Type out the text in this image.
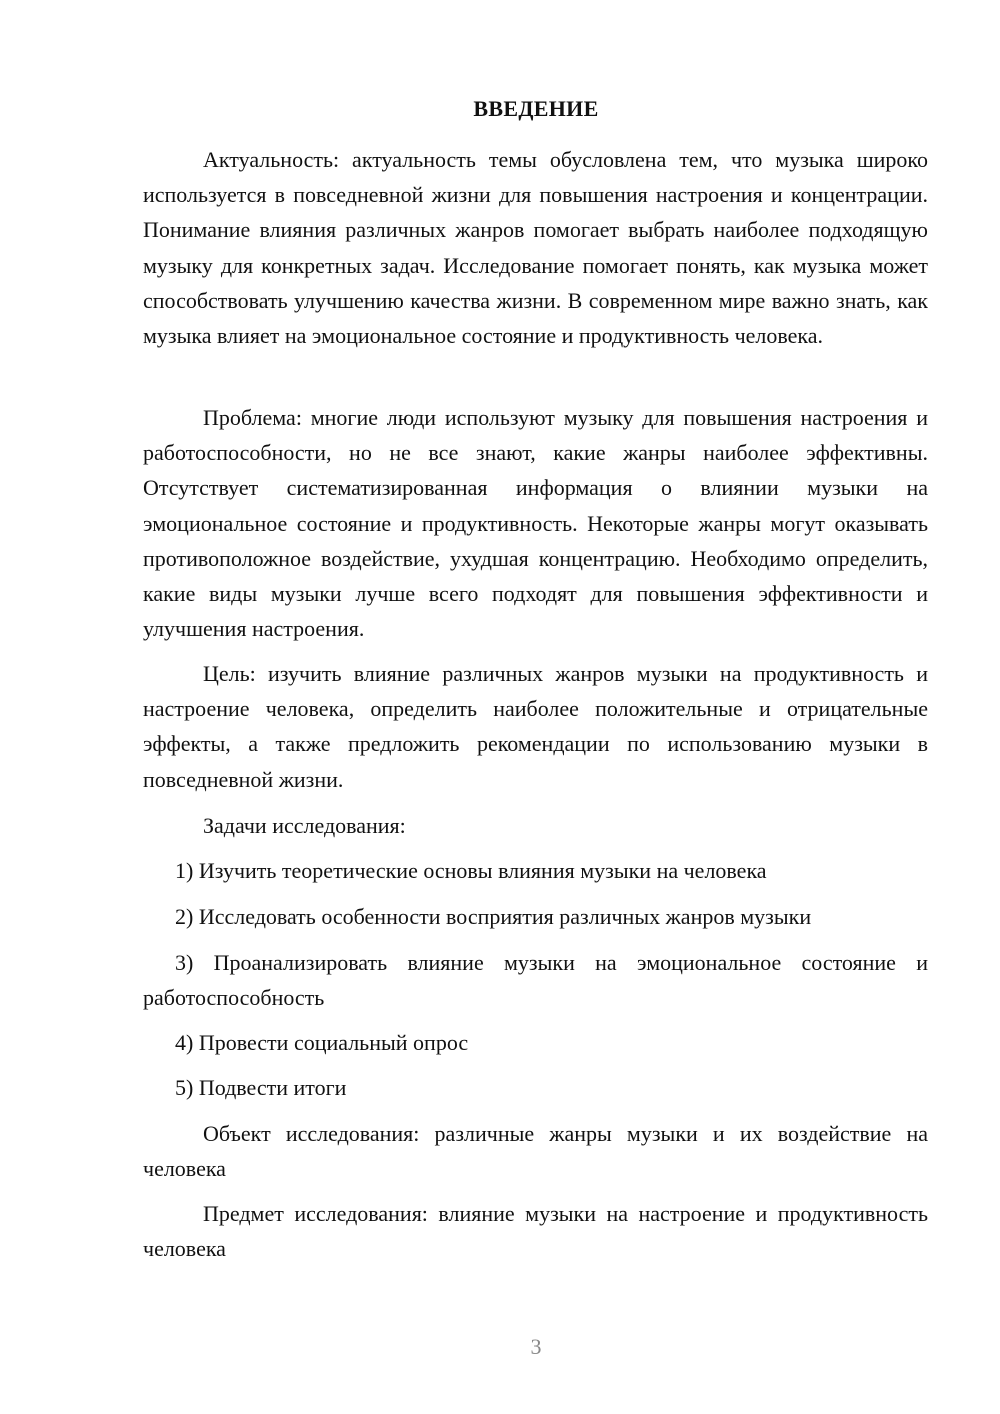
ВВЕДЕНИЕ

Актуальность: актуальность темы обусловлена тем, что музыка широко используется в повседневной жизни для повышения настроения и концентрации. Понимание влияния различных жанров помогает выбрать наиболее подходящую музыку для конкретных задач. Исследование помогает понять, как музыка может способствовать улучшению качества жизни. В современном мире важно знать, как музыка влияет на эмоциональное состояние и продуктивность человека.

Проблема: многие люди используют музыку для повышения настроения и работоспособности, но не все знают, какие жанры наиболее эффективны. Отсутствует систематизированная информация о влиянии музыки на эмоциональное состояние и продуктивность. Некоторые жанры могут оказывать противоположное воздействие, ухудшая концентрацию. Необходимо определить, какие виды музыки лучше всего подходят для повышения эффективности и улучшения настроения.

Цель: изучить влияние различных жанров музыки на продуктивность и настроение человека, определить наиболее положительные и отрицательные эффекты, а также предложить рекомендации по использованию музыки в повседневной жизни.

Задачи исследования:

1) Изучить теоретические основы влияния музыки на человека

2) Исследовать особенности восприятия различных жанров музыки

3) Проанализировать влияние музыки на эмоциональное состояние и работоспособность

4) Провести социальный опрос

5) Подвести итоги

Объект исследования: различные жанры музыки и их воздействие на человека

Предмет исследования: влияние музыки на настроение и продуктивность человека

3
